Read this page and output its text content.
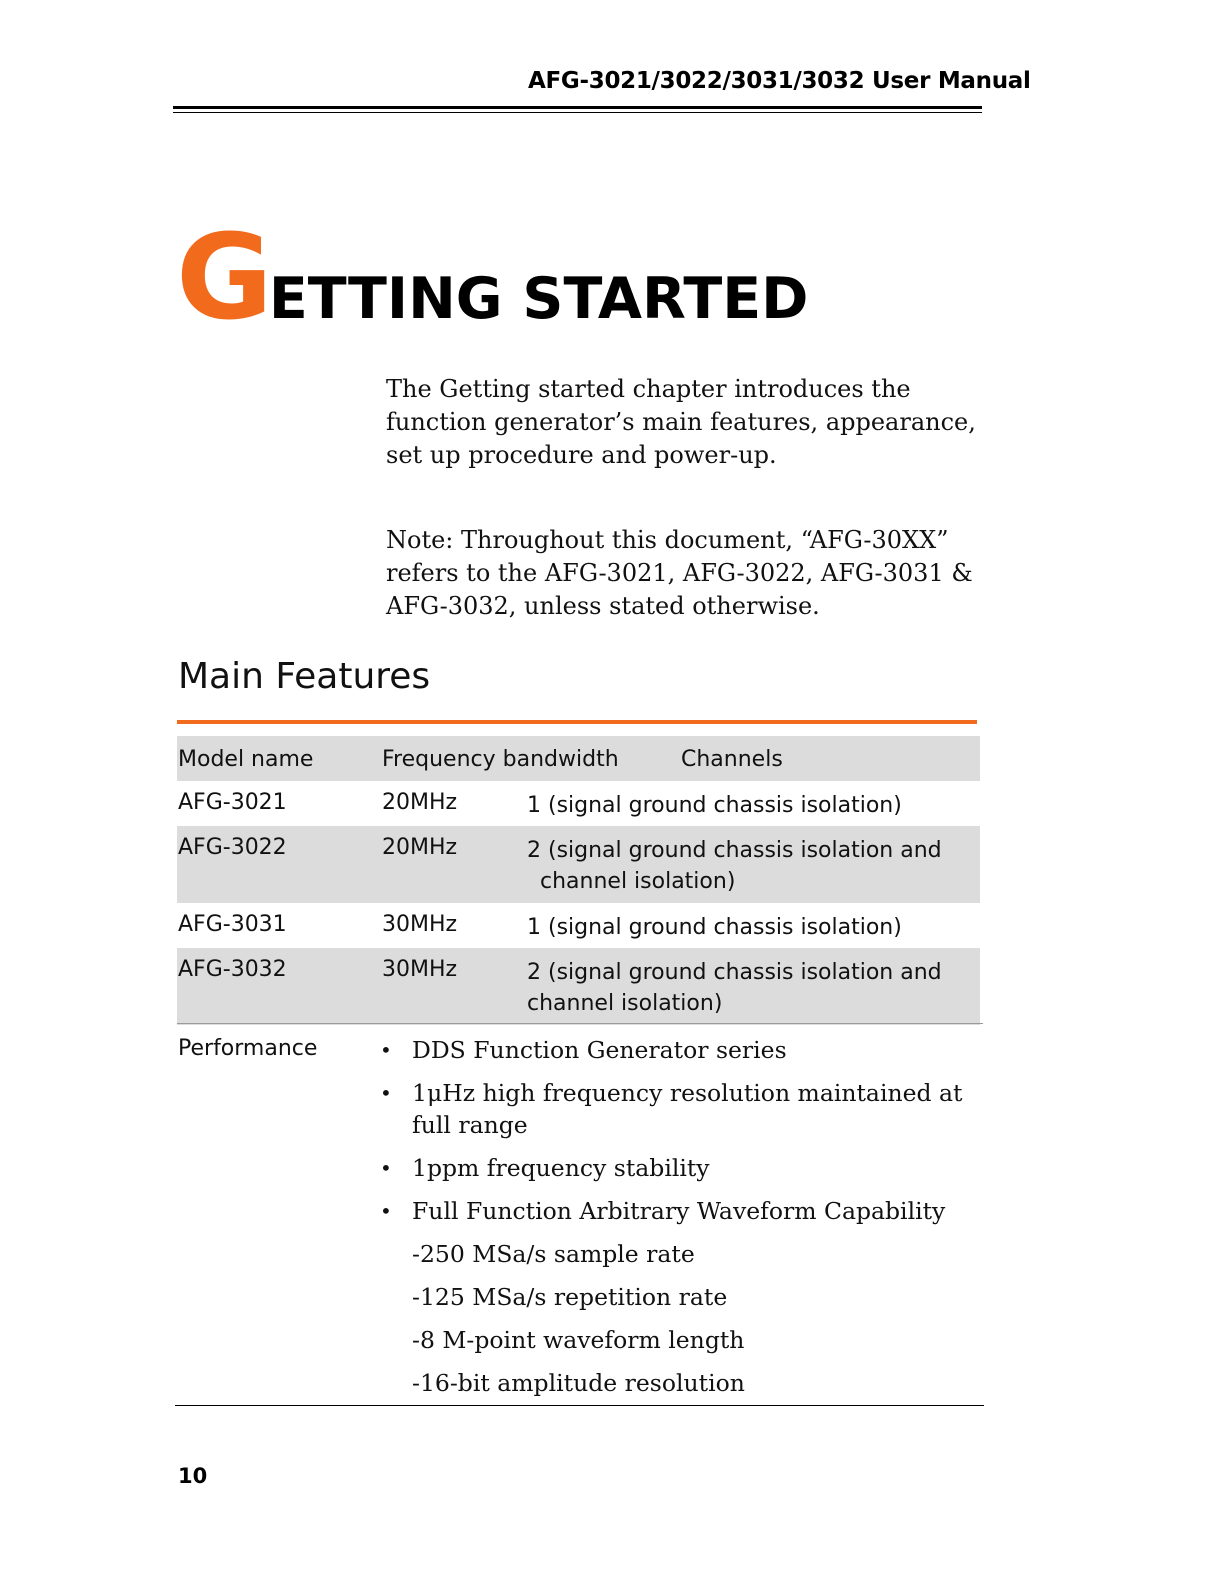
AFG-3021/3022/3031/3032 User Manual
GETTING STARTED

The Getting started chapter introduces the function generator’s main features, appearance, set up procedure and power-up.

Note: Throughout this document, “AFG-30XX” refers to the AFG-3021, AFG-3022, AFG-3031 & AFG-3032, unless stated otherwise.

Main Features
Model name	Frequency bandwidth	Channels
AFG-3021	20MHz	1 (signal ground chassis isolation)
AFG-3022	20MHz	2 (signal ground chassis isolation and
channel isolation)
AFG-3031	30MHz	1 (signal ground chassis isolation)
AFG-3032	30MHz	2 (signal ground chassis isolation and
channel isolation)
Performance	• DDS Function Generator series
• 1μHz high frequency resolution maintained at full range
• 1ppm frequency stability
• Full Function Arbitrary Waveform Capability
-250 MSa/s sample rate
-125 MSa/s repetition rate
-8 M-point waveform length
-16-bit amplitude resolution
10
